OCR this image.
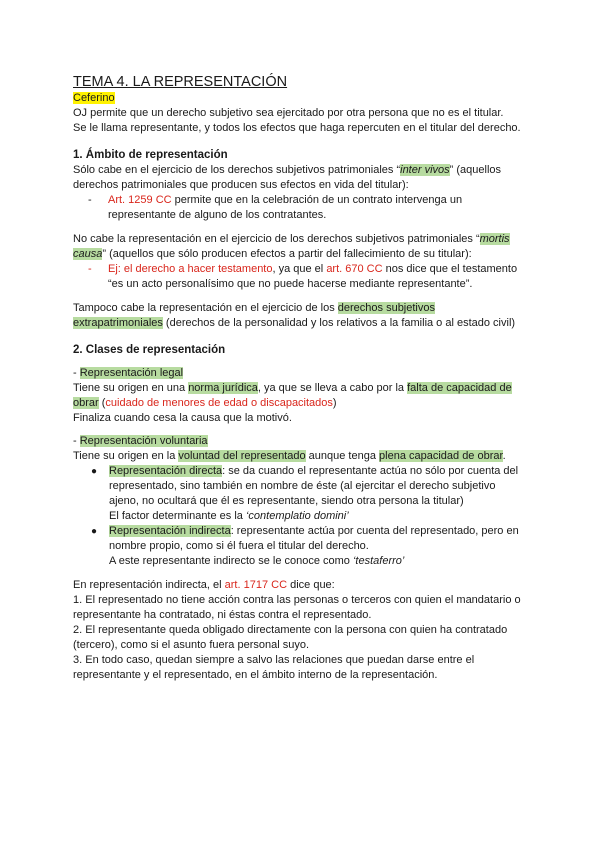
TEMA 4. LA REPRESENTACIÓN
Ceferino
OJ permite que un derecho subjetivo sea ejercitado por otra persona que no es el titular.
Se le llama representante, y todos los efectos que haga repercuten en el titular del derecho.
1. Ámbito de representación
Sólo cabe en el ejercicio de los derechos subjetivos patrimoniales “inter vivos” (aquellos
derechos patrimoniales que producen sus efectos en vida del titular):
- Art. 1259 CC permite que en la celebración de un contrato intervenga un
representante de alguno de los contratantes.
No cabe la representación en el ejercicio de los derechos subjetivos patrimoniales “mortis
causa” (aquellos que sólo producen efectos a partir del fallecimiento de su titular):
- Ej: el derecho a hacer testamento, ya que el art. 670 CC nos dice que el testamento
“es un acto personalísimo que no puede hacerse mediante representante”.
Tampoco cabe la representación en el ejercicio de los derechos subjetivos
extrapatrimoniales (derechos de la personalidad y los relativos a la familia o al estado civil)
2. Clases de representación
- Representación legal
Tiene su origen en una norma jurídica, ya que se lleva a cabo por la falta de capacidad de
obrar (cuidado de menores de edad o discapacitados)
Finaliza cuando cesa la causa que la motivó.
- Representación voluntaria
Tiene su origen en la voluntad del representado aunque tenga plena capacidad de obrar.
● Representación directa: se da cuando el representante actúa no sólo por cuenta del
representado, sino también en nombre de éste (al ejercitar el derecho subjetivo
ajeno, no ocultará que él es representante, siendo otra persona la titular)
El factor determinante es la ‘contemplatio domini’
● Representación indirecta: representante actúa por cuenta del representado, pero en
nombre propio, como si él fuera el titular del derecho.
A este representante indirecto se le conoce como ‘testaferro’
En representación indirecta, el art. 1717 CC dice que:
1. El representado no tiene acción contra las personas o terceros con quien el mandatario o
representante ha contratado, ni éstas contra el representado.
2. El representante queda obligado directamente con la persona con quien ha contratado
(tercero), como si el asunto fuera personal suyo.
3. En todo caso, quedan siempre a salvo las relaciones que puedan darse entre el
representante y el representado, en el ámbito interno de la representación.
